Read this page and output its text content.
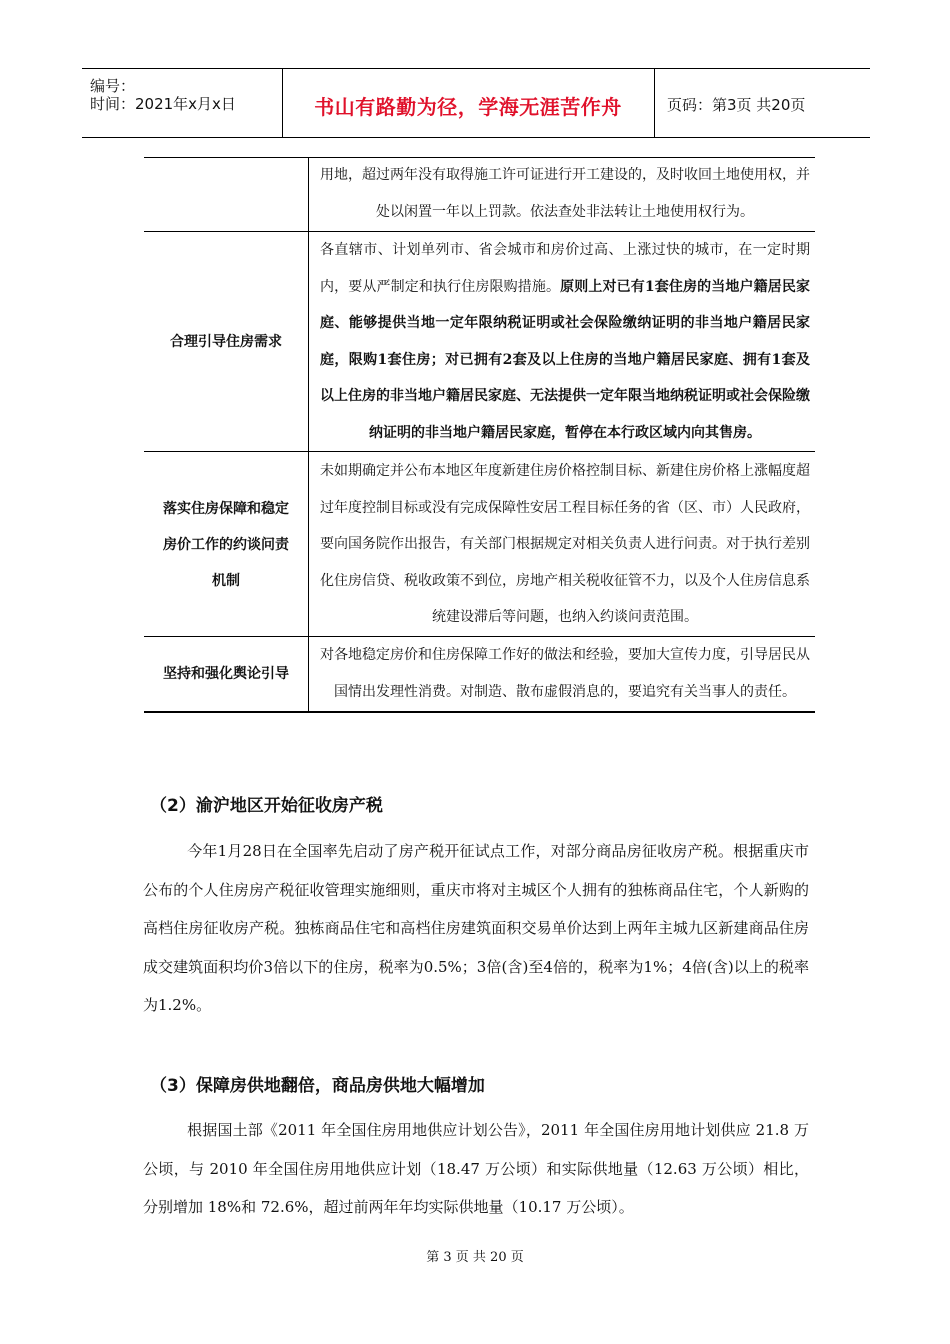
编号：
时间：2021年x月x日	书山有路勤为径，学海无涯苦作舟	页码：第3页 共20页
用地，超过两年没有取得施工许可证进行开工建设的，及时收回土地使用权，并处以闲置一年以上罚款。依法查处非法转让土地使用权行为。
合理引导住房需求
各直辖市、计划单列市、省会城市和房价过高、上涨过快的城市，在一定时期内，要从严制定和执行住房限购措施。原则上对已有1套住房的当地户籍居民家庭、能够提供当地一定年限纳税证明或社会保险缴纳证明的非当地户籍居民家庭，限购1套住房；对已拥有2套及以上住房的当地户籍居民家庭、拥有1套及以上住房的非当地户籍居民家庭、无法提供一定年限当地纳税证明或社会保险缴纳证明的非当地户籍居民家庭，暂停在本行政区域内向其售房。
落实住房保障和稳定房价工作的约谈问责机制
未如期确定并公布本地区年度新建住房价格控制目标、新建住房价格上涨幅度超过年度控制目标或没有完成保障性安居工程目标任务的省（区、市）人民政府，要向国务院作出报告，有关部门根据规定对相关负责人进行问责。对于执行差别化住房信贷、税收政策不到位，房地产相关税收征管不力，以及个人住房信息系统建设滞后等问题，也纳入约谈问责范围。
坚持和强化舆论引导
对各地稳定房价和住房保障工作好的做法和经验，要加大宣传力度，引导居民从国情出发理性消费。对制造、散布虚假消息的，要追究有关当事人的责任。
（2）渝沪地区开始征收房产税
今年1月28日在全国率先启动了房产税开征试点工作，对部分商品房征收房产税。根据重庆市公布的个人住房房产税征收管理实施细则，重庆市将对主城区个人拥有的独栋商品住宅，个人新购的高档住房征收房产税。独栋商品住宅和高档住房建筑面积交易单价达到上两年主城九区新建商品住房成交建筑面积均价3倍以下的住房，税率为0.5%；3倍(含)至4倍的，税率为1%；4倍(含)以上的税率为1.2%。
（3）保障房供地翻倍，商品房供地大幅增加
根据国土部《2011 年全国住房用地供应计划公告》，2011 年全国住房用地计划供应 21.8 万公顷，与 2010 年全国住房用地供应计划（18.47 万公顷）和实际供地量（12.63 万公顷）相比，分别增加 18%和 72.6%，超过前两年年均实际供地量（10.17 万公顷）。
第 3 页 共 20 页
